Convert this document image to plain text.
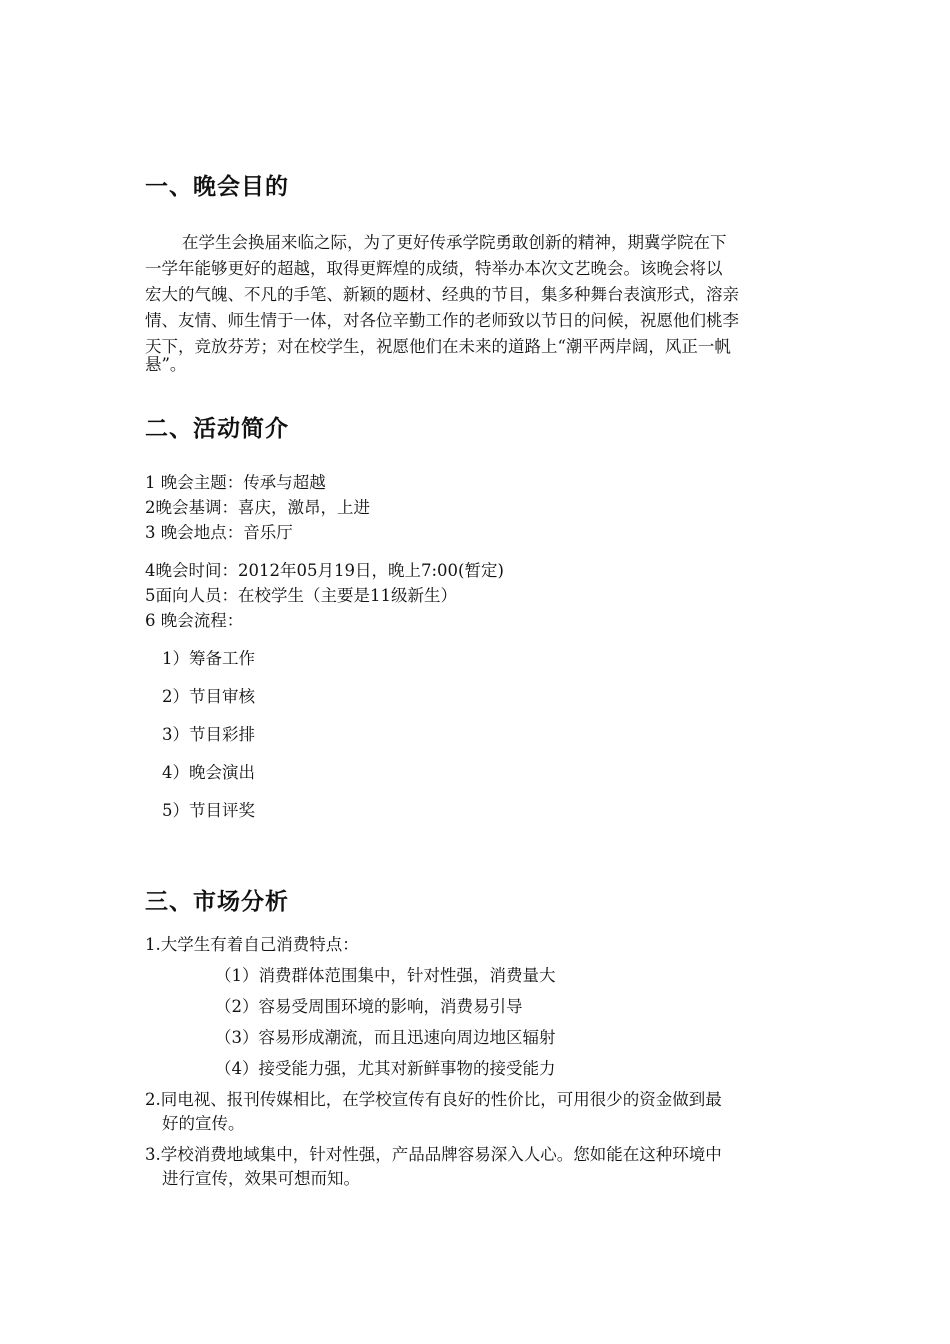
一、晚会目的
在学生会换届来临之际，为了更好传承学院勇敢创新的精神，期冀学院在下
一学年能够更好的超越，取得更辉煌的成绩，特举办本次文艺晚会。该晚会将以
宏大的气魄、不凡的手笔、新颖的题材、经典的节目，集多种舞台表演形式，溶亲
情、友情、师生情于一体，对各位辛勤工作的老师致以节日的问候，祝愿他们桃李
天下，竞放芬芳；对在校学生，祝愿他们在未来的道路上“潮平两岸阔，风正一帆
悬”。
二、活动简介
1 晚会主题：传承与超越
2晚会基调：喜庆，激昂，上进
3 晚会地点：音乐厅
4晚会时间：2012年05月19日，晚上7:00(暂定)
5面向人员：在校学生（主要是11级新生）
6 晚会流程：
1）筹备工作
2）节目审核
3）节目彩排
4）晚会演出
5）节目评奖
三、市场分析
1.大学生有着自己消费特点：
（1）消费群体范围集中，针对性强，消费量大
（2）容易受周围环境的影响，消费易引导
（3）容易形成潮流，而且迅速向周边地区辐射
（4）接受能力强，尤其对新鲜事物的接受能力
2.同电视、报刊传媒相比，在学校宣传有良好的性价比，可用很少的资金做到最
好的宣传。
3.学校消费地域集中，针对性强，产品品牌容易深入人心。您如能在这种环境中
进行宣传，效果可想而知。
